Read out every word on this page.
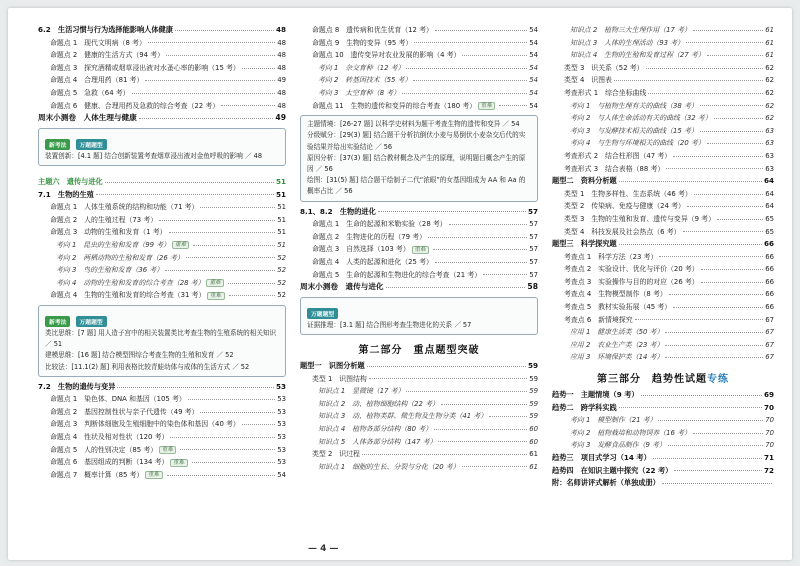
6.2　生活习惯与行为选择能影响人体健康	48
命题点 1　现代文明病（8 考）	48
命题点 2　健康的生活方式（94 考）	48
命题点 3　探究酒精或烟草浸出液对水蚤心率的影响（15 考）	48
命题点 4　合理用药（81 考）	49
命题点 5　急救（64 考）	48
命题点 6　健康、合理用药及急救的综合考查（22 考）	48
周末小测卷　人体生理与健康	49
新考法 万题题型
装置创新：[4.1 题] 结合创新装置考查烟草浸出液对金鱼呼吸的影响 ／ 48
主题六　遗传与进化	51
7.1　生物的生殖	51
命题点 1　人体生殖系统的结构和功能（71 考）	51
命题点 2　人的生殖过程（73 考）	51
命题点 3　动物的生殖和发育（1 考）	51
考向 1　昆虫的生殖和发育（99 考） 重难	51
考向 2　两栖动物的生殖和发育（26 考）	52
考向 3　鸟的生殖和发育（36 考）	52
考向 4　动物的生殖和发育的综合考查（28 考） 重难	52
命题点 4　生物的生殖和发育的综合考查（31 考） 重难	52
新考法 万题题型
类比思维：[7 题] 用人造子宫中的相关装置类比考查生物的生殖系统的相关知识 ／ 51
建模思维：[16 题] 结合模型图综合考查生物的生殖和发育 ／ 52
比较法：[11.1(2) 题] 利用表格比较青蛙幼体与成体的生活方式 ／ 52
7.2　生物的遗传与变异	53
命题点 1　染色体、DNA 和基因（105 考）	53
命题点 2　基因控制性状与亲子代遗传（49 考）	53
命题点 3　判断体细胞及生殖细胞中的染色体和基因（40 考）	53
命题点 4　性状及相对性状（120 考）	53
命题点 5　人的性别决定（85 考） 重难	53
命题点 6　基因组成的判断（134 考） 重难	53
命题点 7　概率计算（85 考） 重难	54
命题点 8　遗传病和优生优育（12 考）	54
命题点 9　生物的变异（95 考）	54
命题点 10　遗传变异对农业发展的影响（4 考）	54
考向 1　杂交育种（12 考）	54
考向 2　转基因技术（55 考）	54
考向 3　太空育种（8 考）	54
命题点 11　生物的遗传和变异的综合考查（180 考） 重难	54
主题情境：[26-27 题] 以科学史材料为题干考查生物的遗传和变异 ／ 54
分级赋分：[29(3) 题] 结合题干分析抗倒伏小麦与易倒伏小麦杂交后代的实验结果并给出实验结论 ／ 56
原因分析：[37(3) 题] 结合教材概念及产生的原理，说明题目概念产生的原因 ／ 56
绘图：[31(5) 题] 结合题干绘制子二代“浓眼”的女基因组成为 AA 和 Aa 的概率占比 ／ 56
8.1、8.2　生物的进化	57
命题点 1　生命的起源和米勒实验（28 考）	57
命题点 2　生物进化的历程（79 考）	57
命题点 3　自然选择（103 考） 重难	57
命题点 4　人类的起源和进化（25 考）	57
命题点 5　生命的起源和生物进化的综合考查（21 考）	57
周末小测卷　遗传与进化	58
万题题型
证据推理：[3.1 题] 结合图形考查生物进化的关系 ／ 57
第二部分　重点题型突破
题型一　识图分析题	59
类型 1　识图结构	59
知识点 1　显微镜（17 考）	59
知识点 2　动、植物细胞结构（22 考）	59
知识点 3　动、植物类群、微生物及生物分类（41 考）	59
知识点 4　植物各部分结构（80 考）	60
知识点 5　人体各部分结构（147 考）	60
类型 2　识过程	61
知识点 1　细胞的生长、分裂与分化（20 考）	61
知识点 2　植物三大生理作用（17 考）	61
知识点 3　人体的生理活动（93 考）	61
知识点 4　生物的生殖和发育过程（27 考）	61
类型 3　识关系（52 考）	62
类型 4　识图表	62
考查形式 1　综合坐标曲线	62
考向 1　与植物生理有关的曲线（38 考）	62
考向 2　与人体生命活动有关的曲线（32 考）	62
考向 3　与发酵技术相关的曲线（15 考）	63
考向 4　与生物与环境相关的曲线（20 考）	63
考查形式 2　结合柱形图（47 考）	63
考查形式 3　结合表格（88 考）	63
题型二　资料分析题	64
类型 1　生物多样性、生态系统（46 考）	64
类型 2　传染病、免疫与健康（24 考）	64
类型 3　生物的生殖和发育、遗传与变异（9 考）	65
类型 4　科技发展及社会热点（6 考）	65
题型三　科学探究题	66
考查点 1　科学方法（23 考）	66
考查点 2　实验设计、优化与评价（20 考）	66
考查点 3　实验操作与目的的对应（26 考）	66
考查点 4　生物模型制作（8 考）	66
考查点 5　教材实验拓展（45 考）	66
考查点 6　新情境探究	67
应用 1　健康生活类（50 考）	67
应用 2　农业生产类（23 考）	67
应用 3　环境保护类（14 考）	67
第三部分　趋势性试题专练
趋势一　主题情境（9 考）	69
趋势二　跨学科实践	70
考向 1　模型制作（21 考）	70
考向 2　植物栽培和动物饲养（16 考）	70
考向 3　发酵食品制作（9 考）	70
趋势三　项目式学习（14 考）	71
趋势四　在知识主题中探究（22 考）	72
附：名师讲评式解析（单独成册）
— 4 —
